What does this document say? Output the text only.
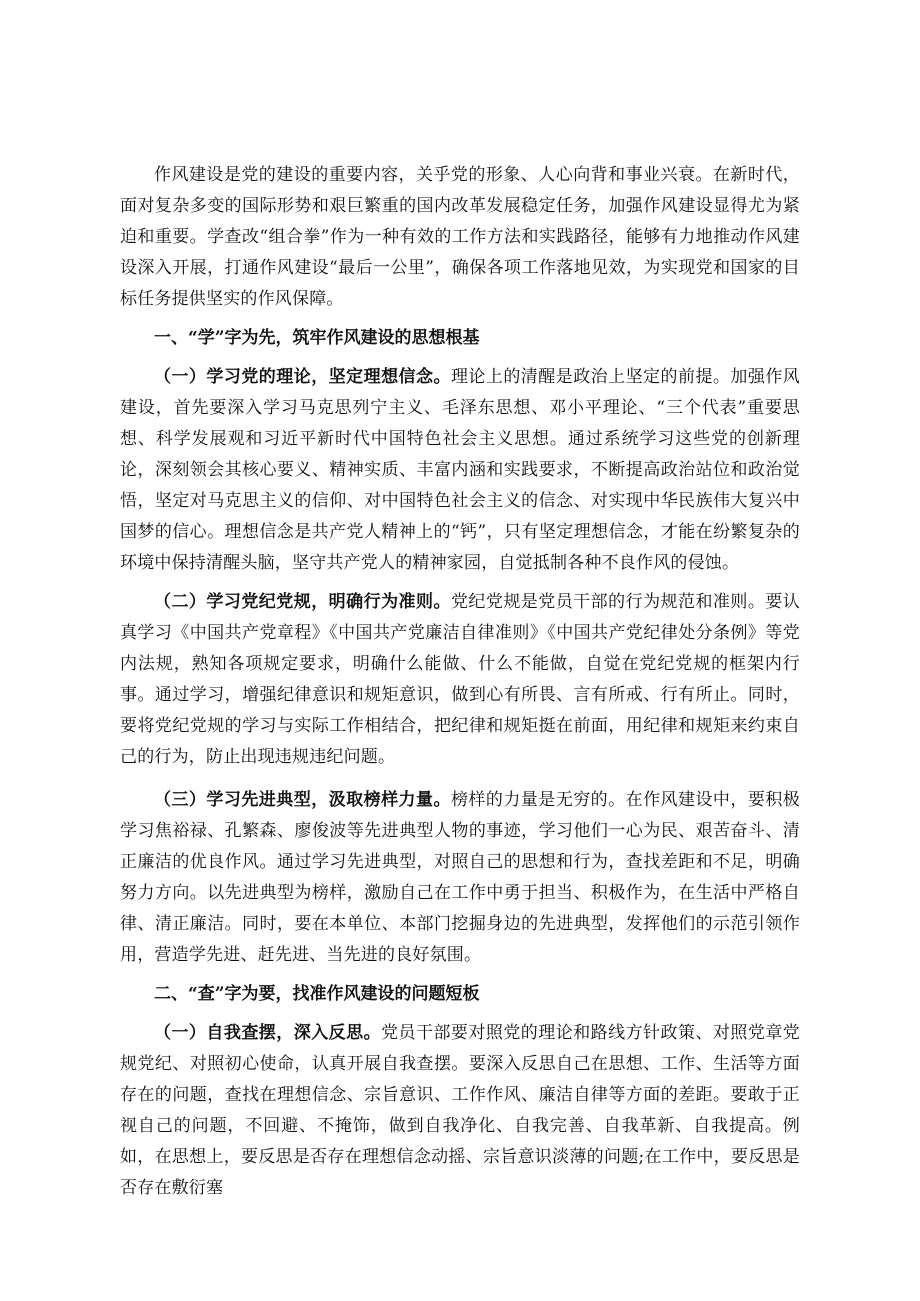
作风建设是党的建设的重要内容，关乎党的形象、人心向背和事业兴衰。在新时代，面对复杂多变的国际形势和艰巨繁重的国内改革发展稳定任务，加强作风建设显得尤为紧迫和重要。学查改“组合拳”作为一种有效的工作方法和实践路径，能够有力地推动作风建设深入开展，打通作风建设“最后一公里”，确保各项工作落地见效，为实现党和国家的目标任务提供坚实的作风保障。

一、“学”字为先，筑牢作风建设的思想根基

（一）学习党的理论，坚定理想信念。理论上的清醒是政治上坚定的前提。加强作风建设，首先要深入学习马克思列宁主义、毛泽东思想、邓小平理论、“三个代表”重要思想、科学发展观和习近平新时代中国特色社会主义思想。通过系统学习这些党的创新理论，深刻领会其核心要义、精神实质、丰富内涵和实践要求，不断提高政治站位和政治觉悟，坚定对马克思主义的信仰、对中国特色社会主义的信念、对实现中华民族伟大复兴中国梦的信心。理想信念是共产党人精神上的“钙”，只有坚定理想信念，才能在纷繁复杂的环境中保持清醒头脑，坚守共产党人的精神家园，自觉抵制各种不良作风的侵蚀。

（二）学习党纪党规，明确行为准则。党纪党规是党员干部的行为规范和准则。要认真学习《中国共产党章程》《中国共产党廉洁自律准则》《中国共产党纪律处分条例》等党内法规，熟知各项规定要求，明确什么能做、什么不能做，自觉在党纪党规的框架内行事。通过学习，增强纪律意识和规矩意识，做到心有所畏、言有所戒、行有所止。同时，要将党纪党规的学习与实际工作相结合，把纪律和规矩挺在前面，用纪律和规矩来约束自己的行为，防止出现违规违纪问题。

（三）学习先进典型，汲取榜样力量。榜样的力量是无穷的。在作风建设中，要积极学习焦裕禄、孔繁森、廖俊波等先进典型人物的事迹，学习他们一心为民、艰苦奋斗、清正廉洁的优良作风。通过学习先进典型，对照自己的思想和行为，查找差距和不足，明确努力方向。以先进典型为榜样，激励自己在工作中勇于担当、积极作为，在生活中严格自律、清正廉洁。同时，要在本单位、本部门挖掘身边的先进典型，发挥他们的示范引领作用，营造学先进、赶先进、当先进的良好氛围。

二、“查”字为要，找准作风建设的问题短板

（一）自我查摆，深入反思。党员干部要对照党的理论和路线方针政策、对照党章党规党纪、对照初心使命，认真开展自我查摆。要深入反思自己在思想、工作、生活等方面存在的问题，查找在理想信念、宗旨意识、工作作风、廉洁自律等方面的差距。要敢于正视自己的问题，不回避、不掩饰，做到自我净化、自我完善、自我革新、自我提高。例如，在思想上，要反思是否存在理想信念动摇、宗旨意识淡薄的问题;在工作中，要反思是否存在敷衍塞
